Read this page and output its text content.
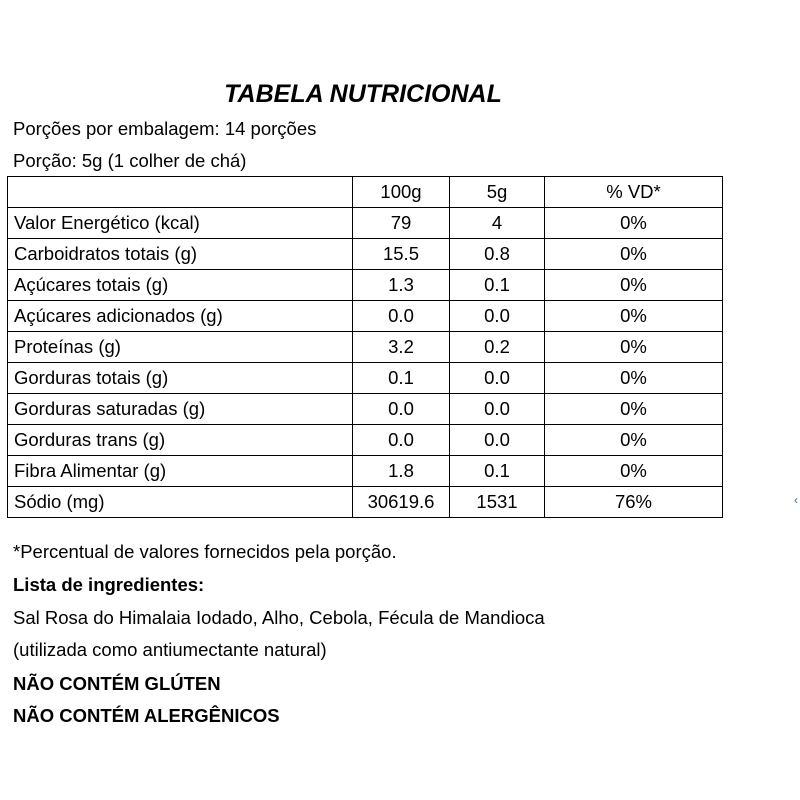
TABELA NUTRICIONAL
Porções por embalagem: 14 porções
Porção: 5g (1 colher de chá)
	100g	5g	% VD*
Valor Energético (kcal)	79	4	0%
Carboidratos totais (g)	15.5	0.8	0%
Açúcares totais (g)	1.3	0.1	0%
Açúcares adicionados (g)	0.0	0.0	0%
Proteínas (g)	3.2	0.2	0%
Gorduras totais (g)	0.1	0.0	0%
Gorduras saturadas (g)	0.0	0.0	0%
Gorduras trans (g)	0.0	0.0	0%
Fibra Alimentar (g)	1.8	0.1	0%
Sódio (mg)	30619.6	1531	76%
*Percentual de valores fornecidos pela porção.
Lista de ingredientes:
Sal Rosa do Himalaia Iodado, Alho, Cebola, Fécula de Mandioca
(utilizada como antiumectante natural)
NÃO CONTÉM GLÚTEN
NÃO CONTÉM ALERGÊNICOS
‹
